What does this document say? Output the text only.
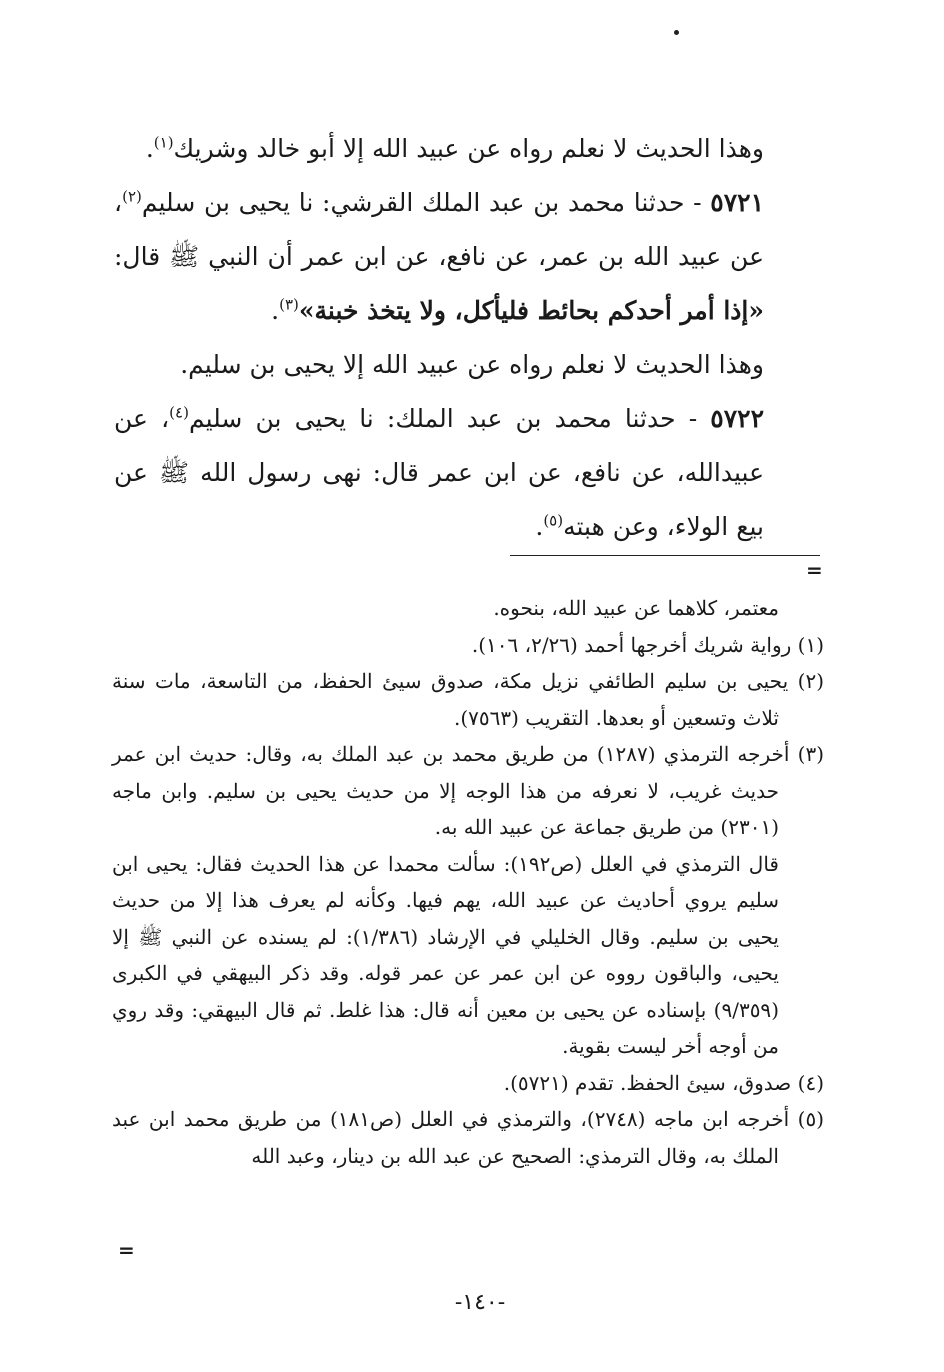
وهذا الحديث لا نعلم رواه عن عبيد الله إلا أبو خالد وشريك$^{(١)}$.

٥٧٢١ - حدثنا محمد بن عبد الملك القرشي: نا يحيى بن سليم$^{(٢)}$، عن عبيد الله بن عمر، عن نافع، عن ابن عمر أن النبي ﷺ قال: «إذا أمر أحدكم بحائط فليأكل، ولا يتخذ خبنة»$^{(٣)}$.

وهذا الحديث لا نعلم رواه عن عبيد الله إلا يحيى بن سليم.

٥٧٢٢ - حدثنا محمد بن عبد الملك: نا يحيى بن سليم$^{(٤)}$، عن عبيدالله، عن نافع، عن ابن عمر قال: نهى رسول الله ﷺ عن بيع الولاء، وعن هبته$^{(٥)}$.

=

معتمر، كلاهما عن عبيد الله، بنحوه.

(١) رواية شريك أخرجها أحمد (٢/٢٦، ١٠٦).

(٢) يحيى بن سليم الطائفي نزيل مكة، صدوق سيئ الحفظ، من التاسعة، مات سنة ثلاث وتسعين أو بعدها. التقريب (٧٥٦٣).

(٣) أخرجه الترمذي (١٢٨٧) من طريق محمد بن عبد الملك به، وقال: حديث ابن عمر حديث غريب، لا نعرفه من هذا الوجه إلا من حديث يحيى بن سليم. وابن ماجه (٢٣٠١) من طريق جماعة عن عبيد الله به.

قال الترمذي في العلل (ص١٩٢): سألت محمدا عن هذا الحديث فقال: يحيى ابن سليم يروي أحاديث عن عبيد الله، يهم فيها. وكأنه لم يعرف هذا إلا من حديث يحيى بن سليم. وقال الخليلي في الإرشاد (١/٣٨٦): لم يسنده عن النبي ﷺ إلا يحيى، والباقون رووه عن ابن عمر عن عمر قوله. وقد ذكر البيهقي في الكبرى (٩/٣٥٩) بإسناده عن يحيى بن معين أنه قال: هذا غلط. ثم قال البيهقي: وقد روي من أوجه أخر ليست بقوية.

(٤) صدوق، سيئ الحفظ. تقدم (٥٧٢١).

(٥) أخرجه ابن ماجه (٢٧٤٨)، والترمذي في العلل (ص١٨١) من طريق محمد ابن عبد الملك به، وقال الترمذي: الصحيح عن عبد الله بن دينار، وعبد الله

=
-١٤٠-
